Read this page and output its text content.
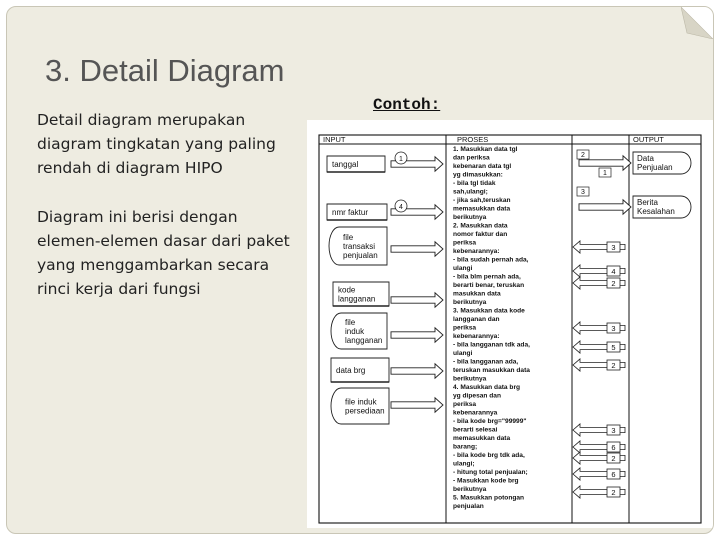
3. Detail Diagram
Detail diagram merupakan diagram tingkatan yang paling rendah di diagram HIPO
Diagram ini berisi dengan elemen-elemen dasar dari paket yang menggambarkan secara rinci kerja dari fungsi
Contoh:
INPUT	PROSES	OUTPUT
tanggal
nmr faktur
file
transaksi
penjualan
kode
langganan
file
induk
langganan
data brg
file induk
persediaan
1
4
1. Masukkan data tgl
dan periksa
kebenaran data tgl
yg dimasukkan:
- bila tgl tidak
sah,ulangi;
- jika sah,teruskan
memasukkan data
berikutnya
2. Masukkan data
nomor faktur dan
periksa
kebenarannya:
- bila sudah pernah ada,
ulangi
- bila blm pernah ada,
berarti benar, teruskan
masukkan data
berikutnya
3. Masukkan data kode
langganan dan
periksa
kebenarannya:
- bila langganan tdk ada,
ulangi
- bila langganan ada,
teruskan masukkan data
berikutnya
4. Masukkan data brg
yg dipesan dan
periksa
kebenarannya
- bila kode brg="99999"
berarti selesai
memasukkan data
barang;
- bila kode brg tdk ada,
ulangi;
- hitung total penjualan;
- Masukkan kode brg
berikutnya
5. Masukkan potongan
penjualan
Data
Penjualan
Berita
Kesalahan
2
1
3
3
4
2
3
5
2
3
6
2
6
2
